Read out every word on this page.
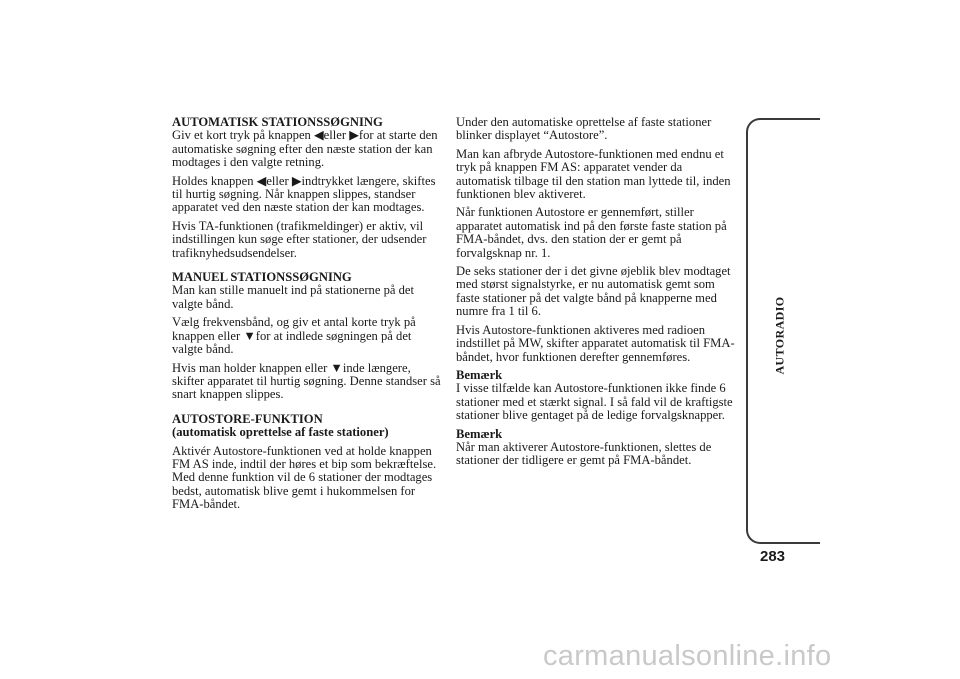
AUTOMATISK STATIONSSØGNING

Giv et kort tryk på knappen ◀eller ▶for at starte den automatiske søgning efter den næste station der kan modtages i den valgte retning.

Holdes knappen ◀eller ▶indtrykket længere, skiftes til hurtig søgning. Når knappen slippes, standser apparatet ved den næste station der kan modtages.

Hvis TA-funktionen (trafikmeldinger) er aktiv, vil indstillingen kun søge efter stationer, der udsender trafiknyhedsudsendelser.

MANUEL STATIONSSØGNING

Man kan stille manuelt ind på stationerne på det valgte bånd.

Vælg frekvensbånd, og giv et antal korte tryk på knappen eller ▼for at indlede søgningen på det valgte bånd.

Hvis man holder knappen eller ▼inde længere, skifter apparatet til hurtig søgning. Denne standser så snart knappen slippes.

AUTOSTORE-FUNKTION
(automatisk oprettelse af faste stationer)

Aktivér Autostore-funktionen ved at holde knappen FM AS inde, indtil der høres et bip som bekræftelse. Med denne funktion vil de 6 stationer der modtages bedst, automatisk blive gemt i hukommelsen for FMA-båndet.

Under den automatiske oprettelse af faste stationer blinker displayet “Autostore”.

Man kan afbryde Autostore-funktionen med endnu et tryk på knappen FM AS: apparatet vender da automatisk tilbage til den station man lyttede til, inden funktionen blev aktiveret.

Når funktionen Autostore er gennemført, stiller apparatet automatisk ind på den første faste station på FMA-båndet, dvs. den station der er gemt på forvalgsknap nr. 1.

De seks stationer der i det givne øjeblik blev modtaget med størst signalstyrke, er nu automatisk gemt som faste stationer på det valgte bånd på knapperne med numre fra 1 til 6.

Hvis Autostore-funktionen aktiveres med radioen indstillet på MW, skifter apparatet automatisk til FMA-båndet, hvor funktionen derefter gennemføres.

Bemærk

I visse tilfælde kan Autostore-funktionen ikke finde 6 stationer med et stærkt signal. I så fald vil de kraftigste stationer blive gentaget på de ledige forvalgsknapper.

Bemærk

Når man aktiverer Autostore-funktionen, slettes de stationer der tidligere er gemt på FMA-båndet.

AUTORADIO
283
carmanualsonline.info
